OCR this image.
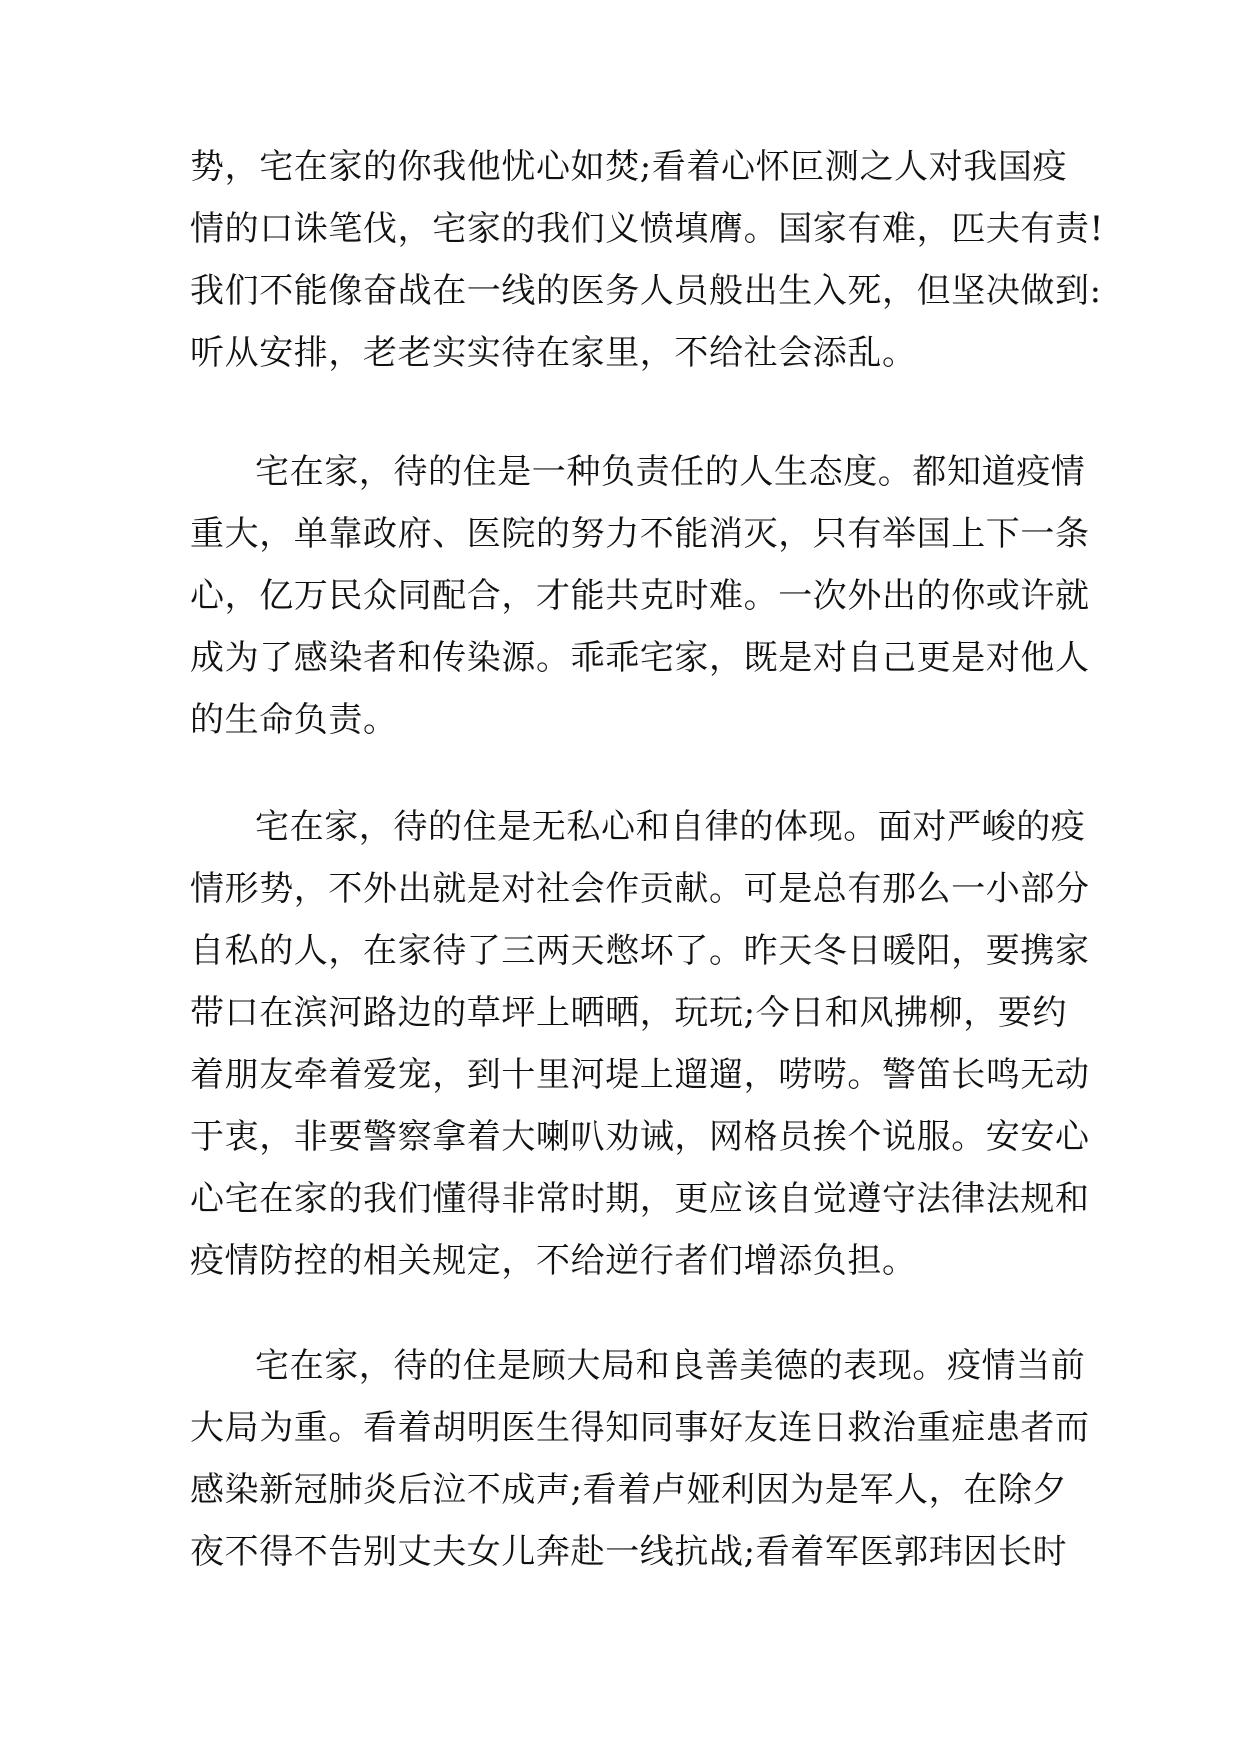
势，宅在家的你我他忧心如焚;看着心怀叵测之人对我国疫
情的口诛笔伐，宅家的我们义愤填膺。国家有难，匹夫有责!
我们不能像奋战在一线的医务人员般出生入死，但坚决做到:
听从安排，老老实实待在家里，不给社会添乱。
宅在家，待的住是一种负责任的人生态度。都知道疫情
重大，单靠政府、医院的努力不能消灭，只有举国上下一条
心，亿万民众同配合，才能共克时难。一次外出的你或许就
成为了感染者和传染源。乖乖宅家，既是对自己更是对他人
的生命负责。
宅在家，待的住是无私心和自律的体现。面对严峻的疫
情形势，不外出就是对社会作贡献。可是总有那么一小部分
自私的人，在家待了三两天憋坏了。昨天冬日暖阳，要携家
带口在滨河路边的草坪上晒晒，玩玩;今日和风拂柳，要约
着朋友牵着爱宠，到十里河堤上遛遛，唠唠。警笛长鸣无动
于衷，非要警察拿着大喇叭劝诫，网格员挨个说服。安安心
心宅在家的我们懂得非常时期，更应该自觉遵守法律法规和
疫情防控的相关规定，不给逆行者们增添负担。
宅在家，待的住是顾大局和良善美德的表现。疫情当前
大局为重。看着胡明医生得知同事好友连日救治重症患者而
感染新冠肺炎后泣不成声;看着卢娅利因为是军人，在除夕
夜不得不告别丈夫女儿奔赴一线抗战;看着军医郭玮因长时
